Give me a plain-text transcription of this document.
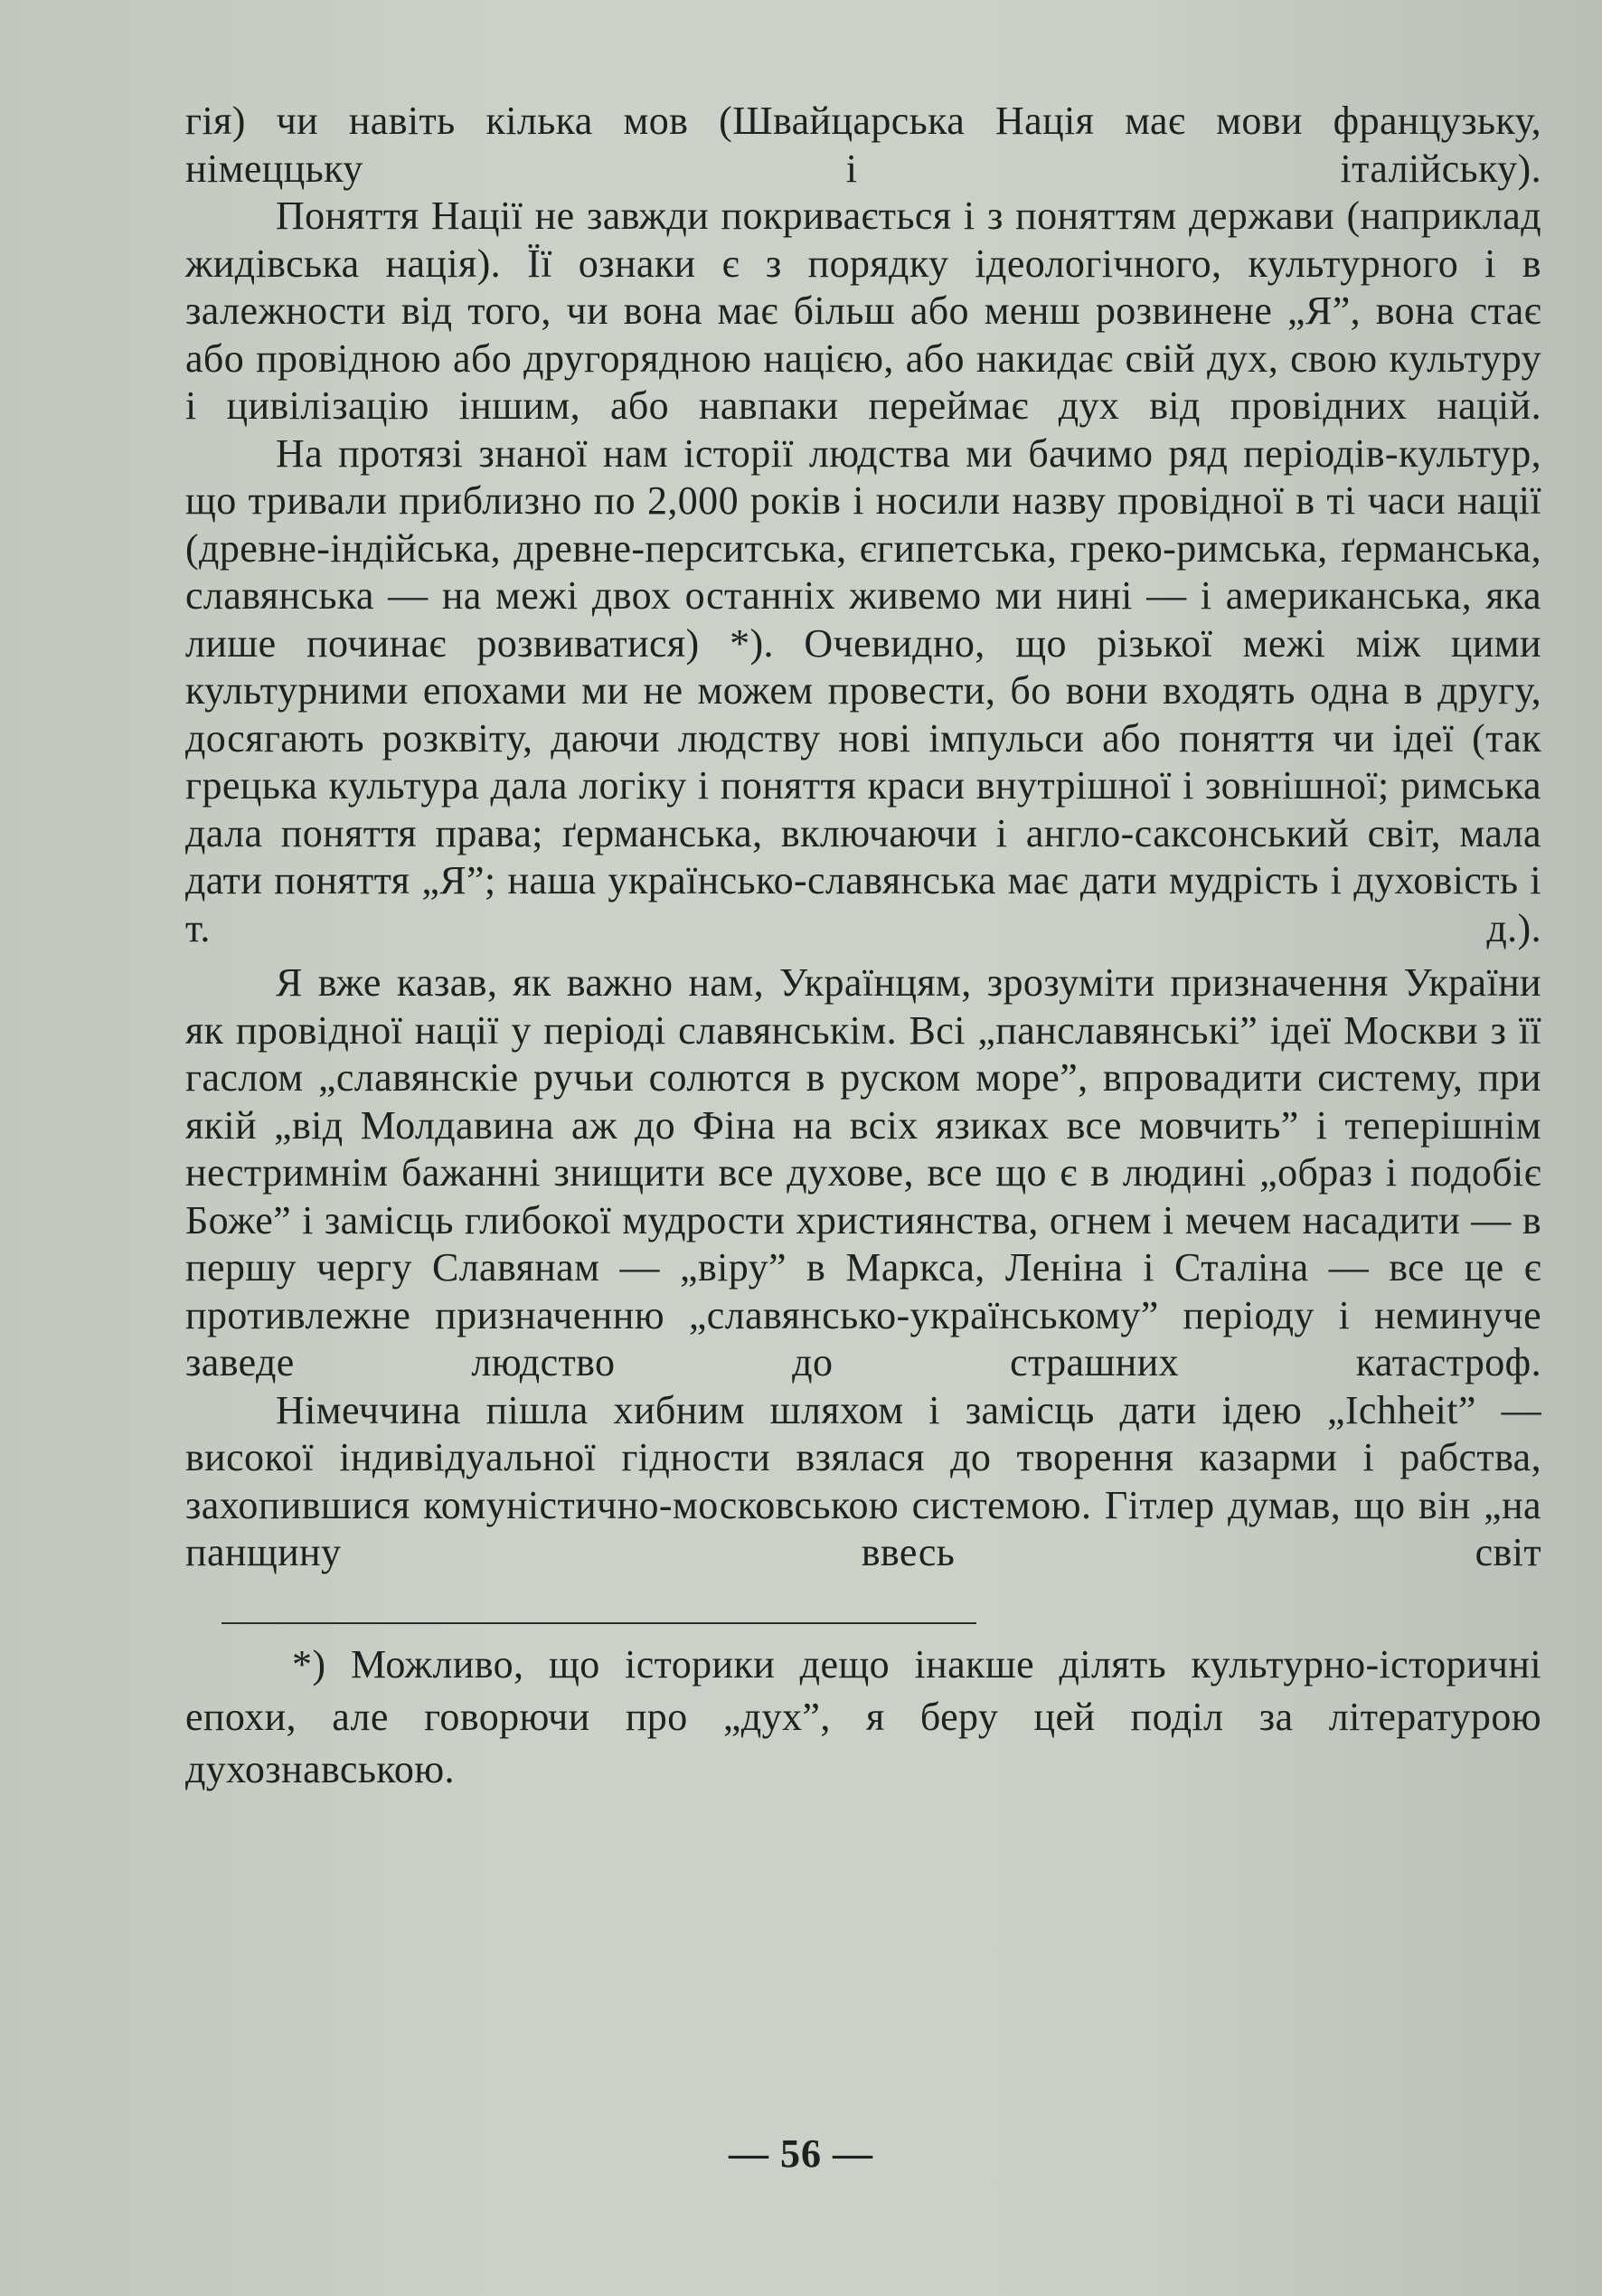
гія) чи навіть кілька мов (Швайцарська Нація має мови французьку, німеццьку і італійську).

Поняття Нації не завжди покривається і з поняттям держави (наприклад жидівська нація). Її ознаки є з порядку ідеологічного, культурного і в залежности від того, чи вона має більш або менш розвинене „Я”, вона стає або провідною або другорядною нацією, або накидає свій дух, свою культуру і цивілізацію іншим, або навпаки переймає дух від провідних націй.

На протязі знаної нам історії людства ми бачимо ряд періодів-культур, що тривали приблизно по 2,000 років і носили назву провідної в ті часи нації (древне-індійська, древне-перситська, єгипетська, греко-римська, ґерманська, славянська — на межі двох останніх живемо ми нині — і американська, яка лише починає розвиватися) *). Очевидно, що різької межі між цими культурними епохами ми не можем провести, бо вони входять одна в другу, досягають розквіту, даючи людству нові імпульси або поняття чи ідеї (так грецька культура дала логіку і поняття краси внутрішної і зовнішної; римська дала поняття права; ґерманська, включаючи і англо-саксонський світ, мала дати поняття „Я”; наша українсько-славянська має дати мудрість і духовість і т. д.).

Я вже казав, як важно нам, Українцям, зрозуміти призначення України як провідної нації у періоді славянськім. Всі „панславянські” ідеї Москви з її гаслом „славянскіе ручьи солются в руском море”, впровадити систему, при якій „від Молдавина аж до Фіна на всіх язиках все мовчить” і теперішнім нестримнім бажанні знищити все духове, все що є в людині „образ і подобіє Боже” і замісць глибокої мудрости християнства, огнем і мечем насадити — в першу чергу Славянам — „віру” в Маркса, Леніна і Сталіна — все це є противлежне призначенню „славянсько-українському” періоду і неминуче заведе людство до страшних катастроф.

Німеччина пішла хибним шляхом і замісць дати ідею „Ichheit” — високої індивідуальної гідности взялася до творення казарми і рабства, захопившися комуністично-московською системою. Гітлер думав, що він „на панщину ввесь світ

*) Можливо, що історики дещо інакше ділять культурно-історичні епохи, але говорючи про „дух”, я беру цей поділ за літературою духознавською.

— 56 —
